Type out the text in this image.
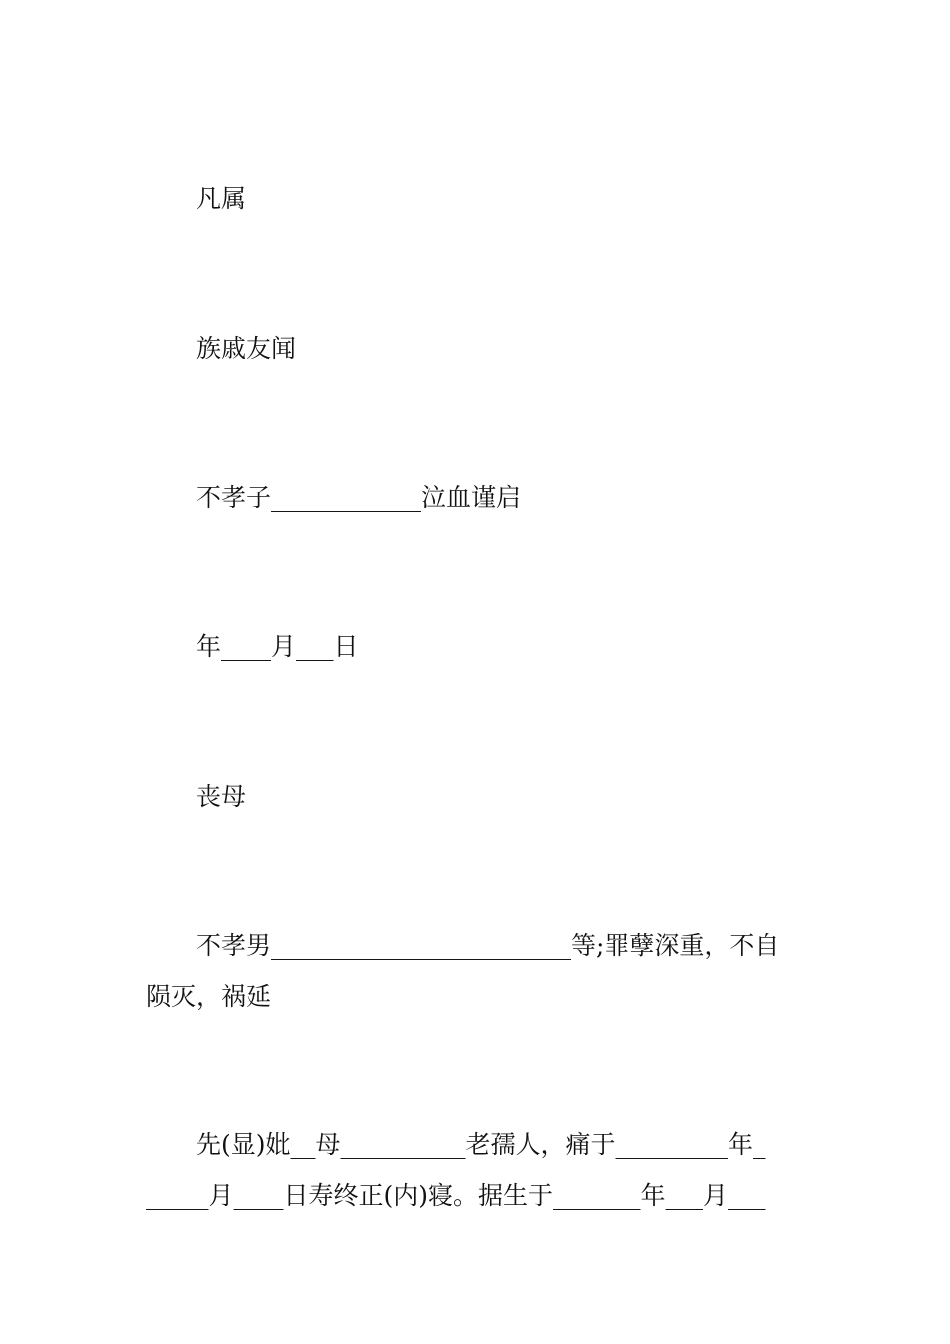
凡属
族戚友闻
不孝子____________泣血谨启
年____月___日
丧母
不孝男________________________等;罪孽深重，不自
陨灭，祸延
先(显)妣__母__________老孺人，痛于_________年_
_____月____日寿终正(内)寝。据生于_______年___月___
